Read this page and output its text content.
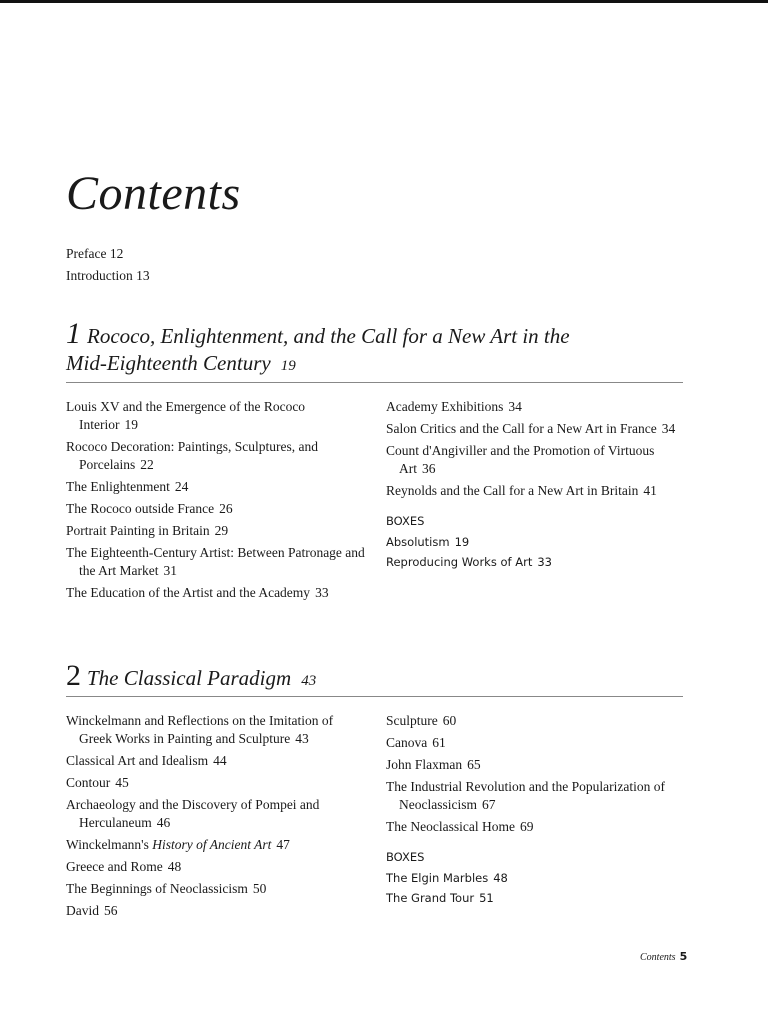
Contents
Preface 12
Introduction 13
1 Rococo, Enlightenment, and the Call for a New Art in the
Mid-Eighteenth Century 19
Louis XV and the Emergence of the Rococo Interior 19
Rococo Decoration: Paintings, Sculptures, and Porcelains 22
The Enlightenment 24
The Rococo outside France 26
Portrait Painting in Britain 29
The Eighteenth-Century Artist: Between Patronage and the Art Market 31
The Education of the Artist and the Academy 33
Academy Exhibitions 34
Salon Critics and the Call for a New Art in France 34
Count d'Angiviller and the Promotion of Virtuous Art 36
Reynolds and the Call for a New Art in Britain 41
BOXES
Absolutism 19
Reproducing Works of Art 33
2 The Classical Paradigm 43
Winckelmann and Reflections on the Imitation of Greek Works in Painting and Sculpture 43
Classical Art and Idealism 44
Contour 45
Archaeology and the Discovery of Pompei and Herculaneum 46
Winckelmann's History of Ancient Art 47
Greece and Rome 48
The Beginnings of Neoclassicism 50
David 56
Sculpture 60
Canova 61
John Flaxman 65
The Industrial Revolution and the Popularization of Neoclassicism 67
The Neoclassical Home 69
BOXES
The Elgin Marbles 48
The Grand Tour 51
Contents 5
